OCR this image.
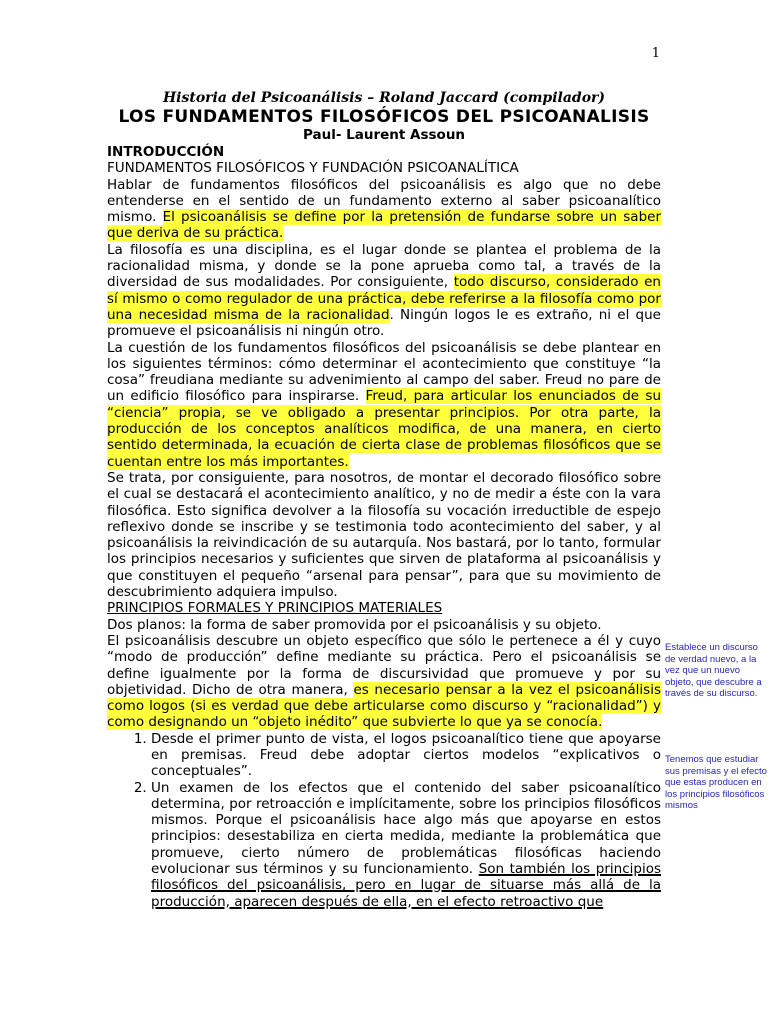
1
Historia del Psicoanálisis – Roland Jaccard (compilador)
LOS FUNDAMENTOS FILOSÓFICOS DEL PSICOANALISIS
Paul- Laurent Assoun

INTRODUCCIÓN

FUNDAMENTOS FILOSÓFICOS Y FUNDACIÓN PSICOANALÍTICA

Hablar de fundamentos filosóficos del psicoanálisis es algo que no debe entenderse en el sentido de un fundamento externo al saber psicoanalítico mismo. El psicoanálisis se define por la pretensión de fundarse sobre un saber que deriva de su práctica.

La filosofía es una disciplina, es el lugar donde se plantea el problema de la racionalidad misma, y donde se la pone aprueba como tal, a través de la diversidad de sus modalidades. Por consiguiente, todo discurso, considerado en sí mismo o como regulador de una práctica, debe referirse a la filosofía como por una necesidad misma de la racionalidad. Ningún logos le es extraño, ni el que promueve el psicoanálisis ni ningún otro.

La cuestión de los fundamentos filosóficos del psicoanálisis se debe plantear en los siguientes términos: cómo determinar el acontecimiento que constituye “la cosa” freudiana mediante su advenimiento al campo del saber. Freud no pare de un edificio filosófico para inspirarse. Freud, para articular los enunciados de su “ciencia” propia, se ve obligado a presentar principios. Por otra parte, la producción de los conceptos analíticos modifica, de una manera, en cierto sentido determinada, la ecuación de cierta clase de problemas filosóficos que se cuentan entre los más importantes.

Se trata, por consiguiente, para nosotros, de montar el decorado filosófico sobre el cual se destacará el acontecimiento analítico, y no de medir a éste con la vara filosófica. Esto significa devolver a la filosofía su vocación irreductible de espejo reflexivo donde se inscribe y se testimonia todo acontecimiento del saber, y al psicoanálisis la reivindicación de su autarquía. Nos bastará, por lo tanto, formular los principios necesarios y suficientes que sirven de plataforma al psicoanálisis y que constituyen el pequeño “arsenal para pensar”, para que su movimiento de descubrimiento adquiera impulso.

PRINCIPIOS FORMALES Y PRINCIPIOS MATERIALES

Dos planos: la forma de saber promovida por el psicoanálisis y su objeto.

El psicoanálisis descubre un objeto específico que sólo le pertenece a él y cuyo “modo de producción” define mediante su práctica. Pero el psicoanálisis se define igualmente por la forma de discursividad que promueve y por su objetividad. Dicho de otra manera, es necesario pensar a la vez el psicoanálisis como logos (si es verdad que debe articularse como discurso y “racionalidad”) y como designando un “objeto inédito” que subvierte lo que ya se conocía.

1. Desde el primer punto de vista, el logos psicoanalítico tiene que apoyarse en premisas. Freud debe adoptar ciertos modelos “explicativos o conceptuales”.
2. Un examen de los efectos que el contenido del saber psicoanalítico determina, por retroacción e implícitamente, sobre los principios filosóficos mismos. Porque el psicoanálisis hace algo más que apoyarse en estos principios: desestabiliza en cierta medida, mediante la problemática que promueve, cierto número de problemáticas filosóficas haciendo evolucionar sus términos y su funcionamiento. Son también los principios filosóficos del psicoanálisis, pero en lugar de situarse más allá de la producción, aparecen después de ella, en el efecto retroactivo que
Establece un discurso de verdad nuevo, a la vez que un nuevo objeto, que descubre a través de su discurso.
Tenemos que estudiar sus premisas y el efecto que estas producen en los principios filosóficos mismos
